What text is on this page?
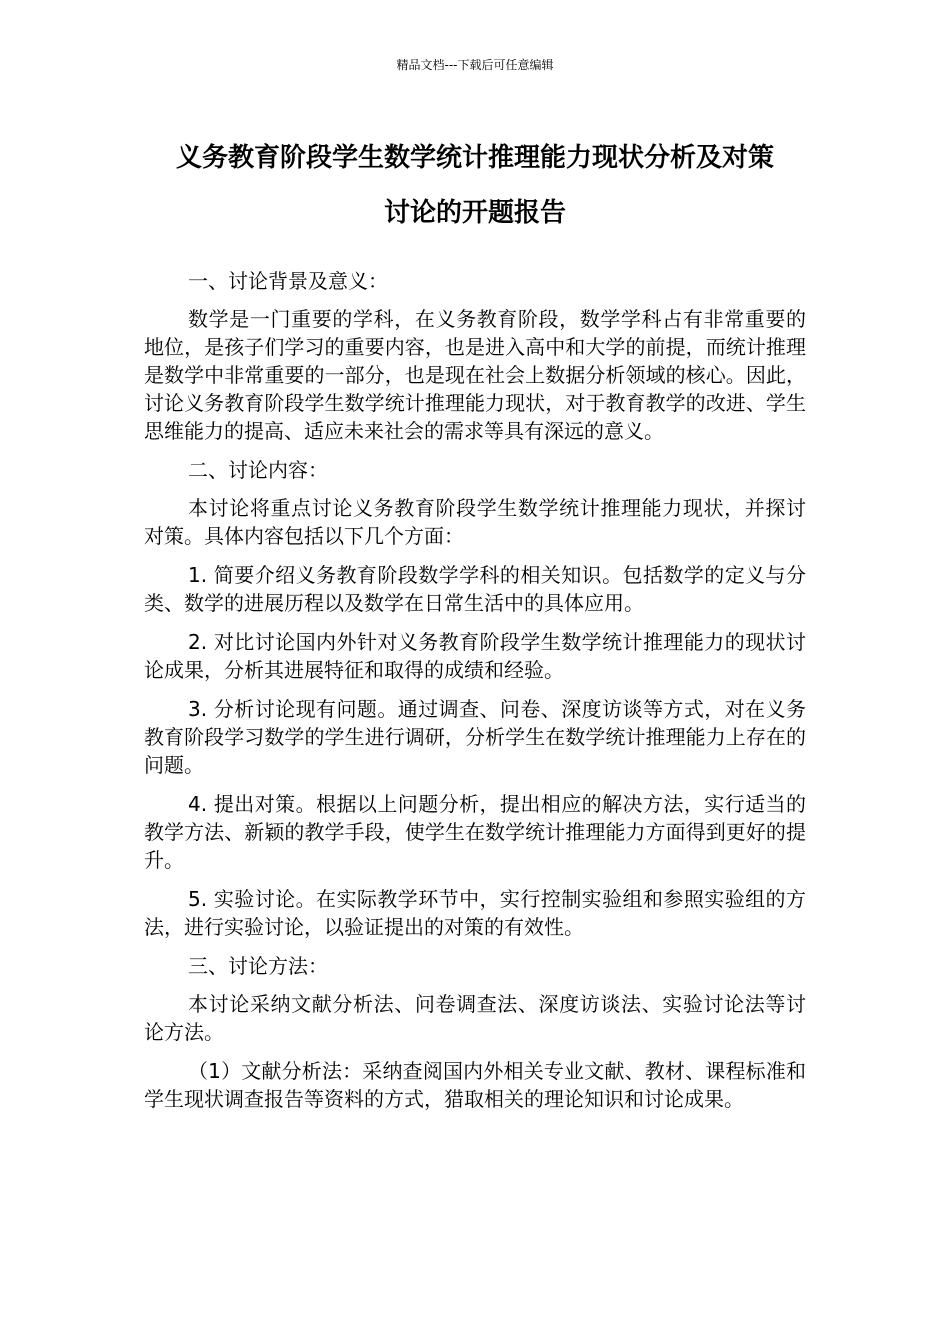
精品文档---下载后可任意编辑
义务教育阶段学生数学统计推理能力现状分析及对策
讨论的开题报告

一、讨论背景及意义：

数学是一门重要的学科，在义务教育阶段，数学学科占有非常重要的地位，是孩子们学习的重要内容，也是进入高中和大学的前提，而统计推理是数学中非常重要的一部分，也是现在社会上数据分析领域的核心。因此，讨论义务教育阶段学生数学统计推理能力现状，对于教育教学的改进、学生思维能力的提高、适应未来社会的需求等具有深远的意义。

二、讨论内容：

本讨论将重点讨论义务教育阶段学生数学统计推理能力现状，并探讨对策。具体内容包括以下几个方面：

1. 简要介绍义务教育阶段数学学科的相关知识。包括数学的定义与分类、数学的进展历程以及数学在日常生活中的具体应用。

2. 对比讨论国内外针对义务教育阶段学生数学统计推理能力的现状讨论成果，分析其进展特征和取得的成绩和经验。

3. 分析讨论现有问题。通过调查、问卷、深度访谈等方式，对在义务教育阶段学习数学的学生进行调研，分析学生在数学统计推理能力上存在的问题。

4. 提出对策。根据以上问题分析，提出相应的解决方法，实行适当的教学方法、新颖的教学手段，使学生在数学统计推理能力方面得到更好的提升。

5. 实验讨论。在实际教学环节中，实行控制实验组和参照实验组的方法，进行实验讨论，以验证提出的对策的有效性。

三、讨论方法：

本讨论采纳文献分析法、问卷调查法、深度访谈法、实验讨论法等讨论方法。

（1）文献分析法：采纳查阅国内外相关专业文献、教材、课程标准和学生现状调查报告等资料的方式，猎取相关的理论知识和讨论成果。
